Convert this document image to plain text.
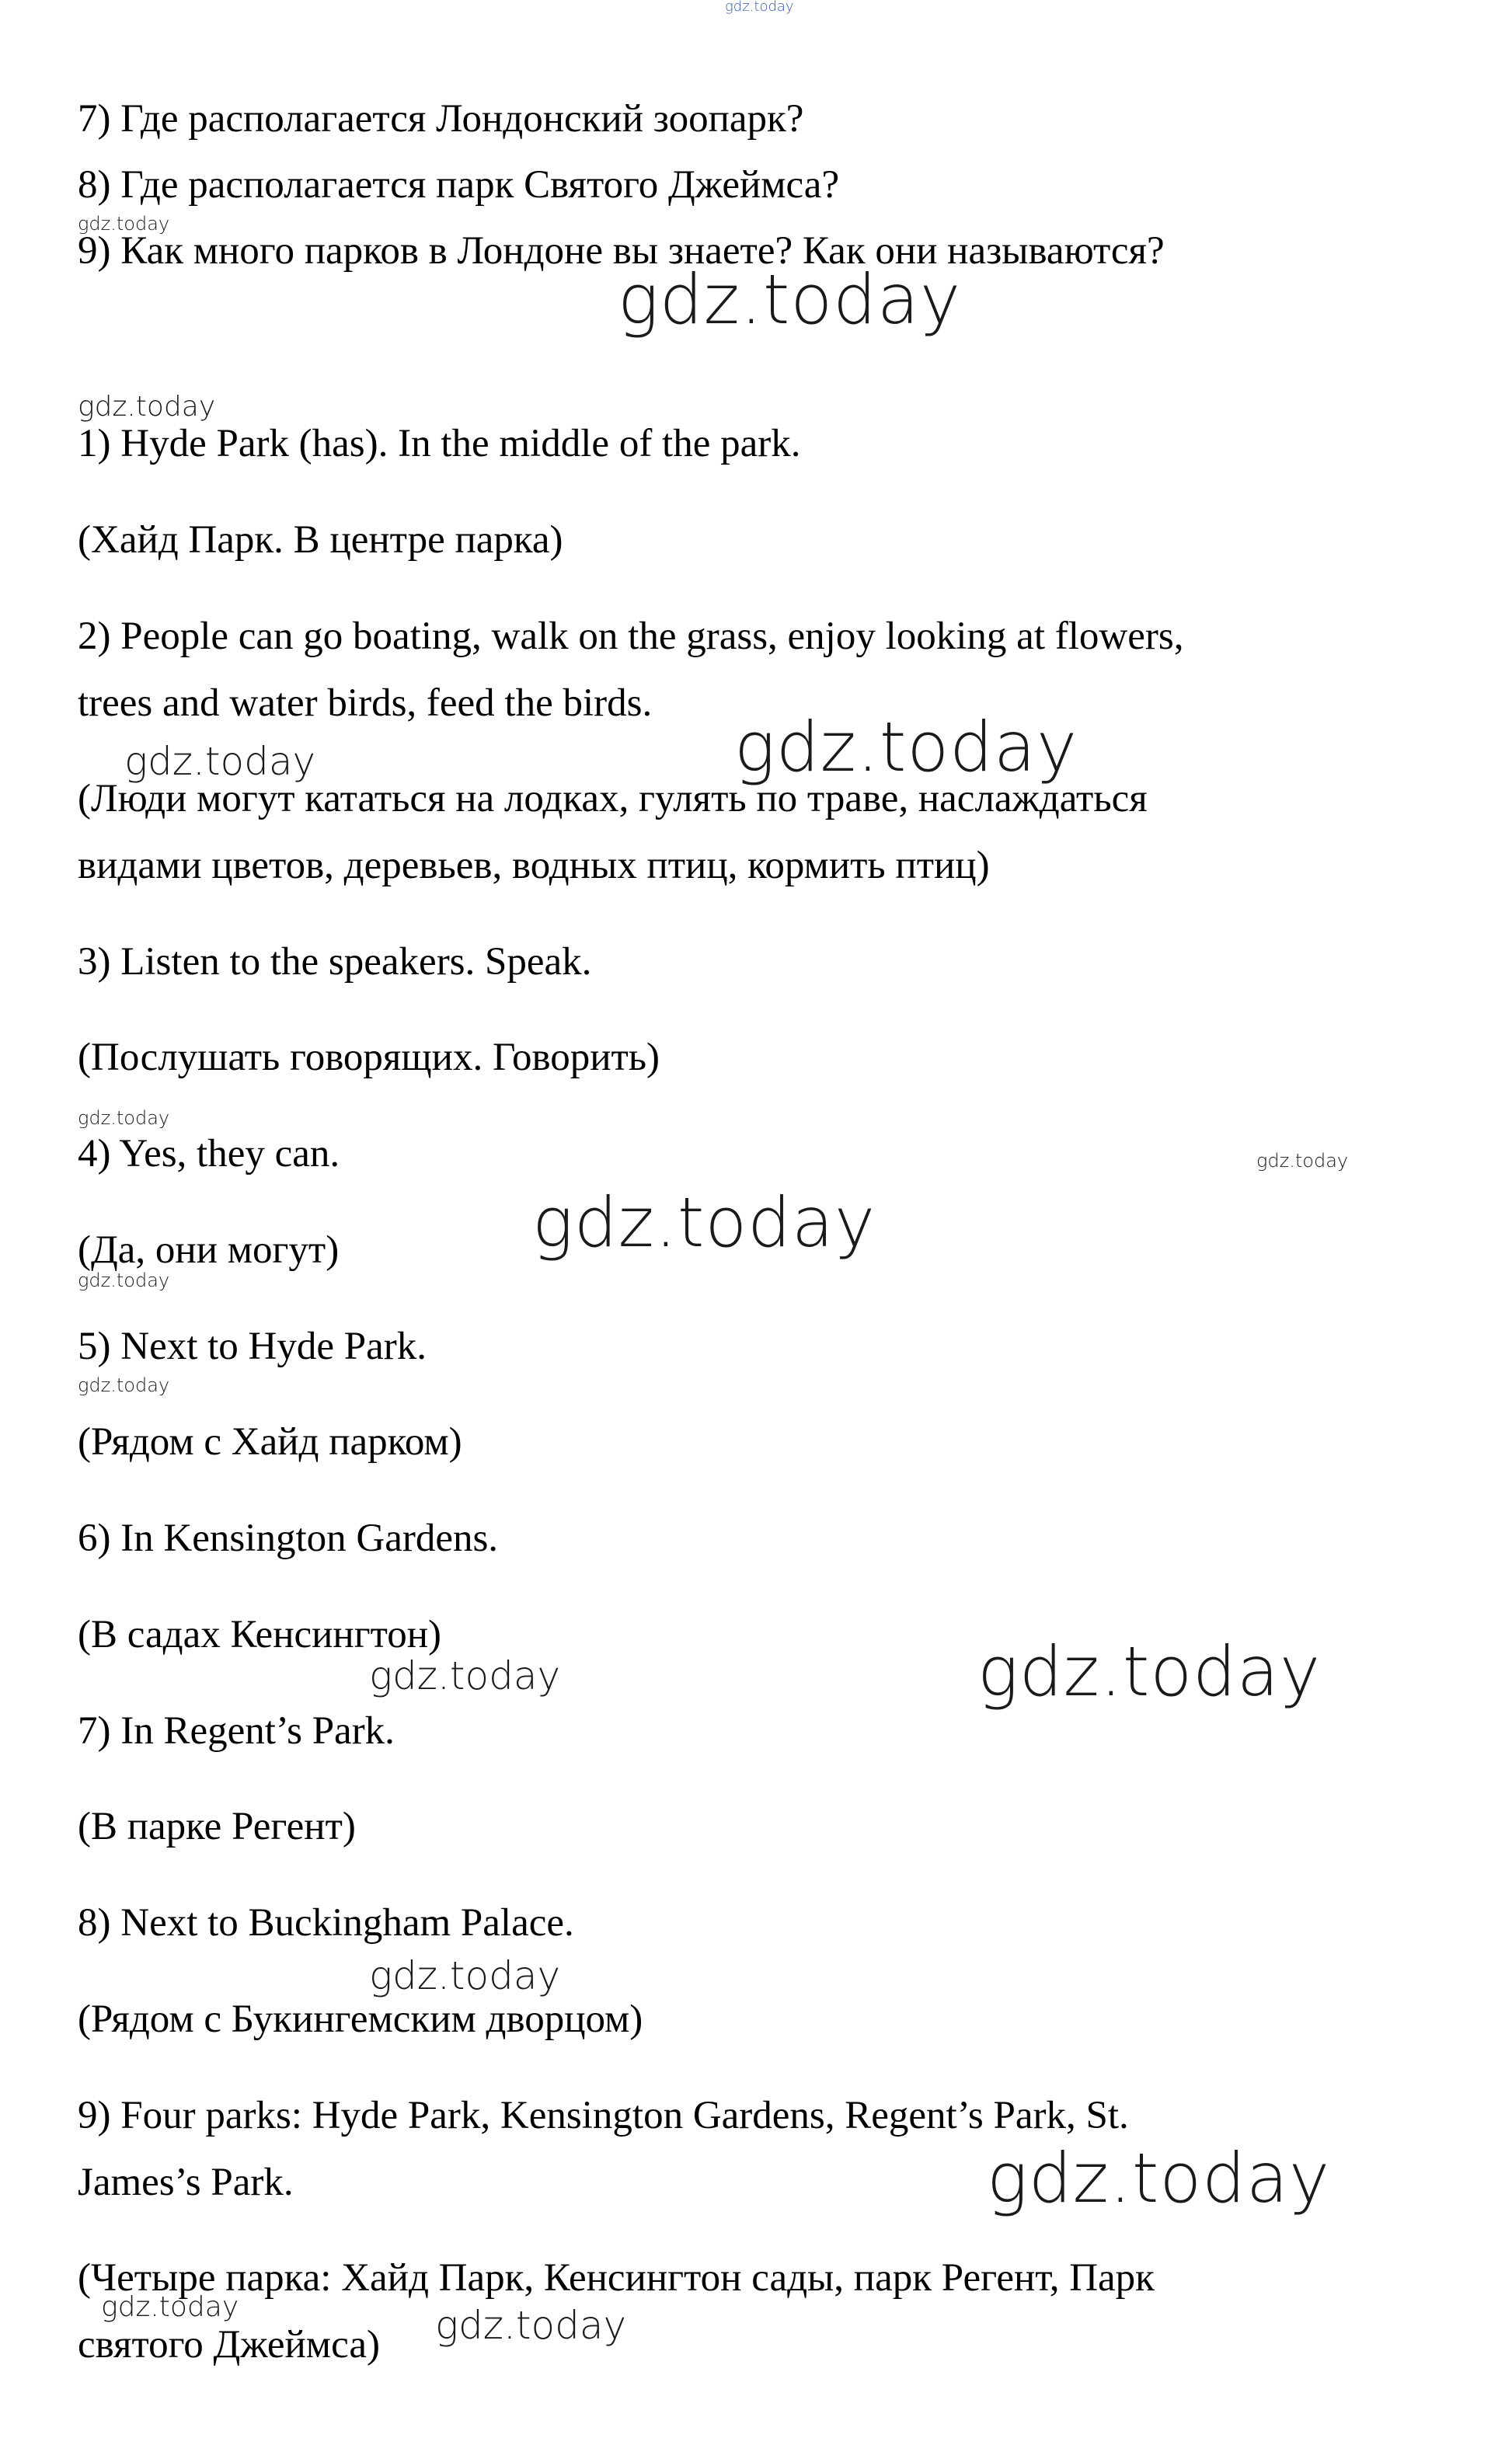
7) Где располагается Лондонский зоопарк?

8) Где располагается парк Святого Джеймса?

9) Как много парков в Лондоне вы знаете? Как они называются?

1) Hyde Park (has). In the middle of the park.

(Хайд Парк. В центре парка)

2) People can go boating, walk on the grass, enjoy looking at flowers,

trees and water birds, feed the birds.

(Люди могут кататься на лодках, гулять по траве, наслаждаться

видами цветов, деревьев, водных птиц, кормить птиц)

3) Listen to the speakers. Speak.

(Послушать говорящих. Говорить)

4) Yes, they can.

(Да, они могут)

5) Next to Hyde Park.

(Рядом с Хайд парком)

6) In Kensington Gardens.

(В садах Кенсингтон)

7) In Regent’s Park.

(В парке Регент)

8) Next to Buckingham Palace.

(Рядом с Букингемским дворцом)

9) Four parks: Hyde Park, Kensington Gardens, Regent’s Park, St.

James’s Park.

(Четыре парка: Хайд Парк, Кенсингтон сады, парк Регент, Парк

святого Джеймса)

gdz.today
gdz.today
gdz.today
gdz.today
gdz.today
gdz.today
gdz.today
gdz.today
gdz.today
gdz.today
gdz.today
gdz.today	gdz.today
gdz.today
gdz.today
gdz.today	gdz.today
